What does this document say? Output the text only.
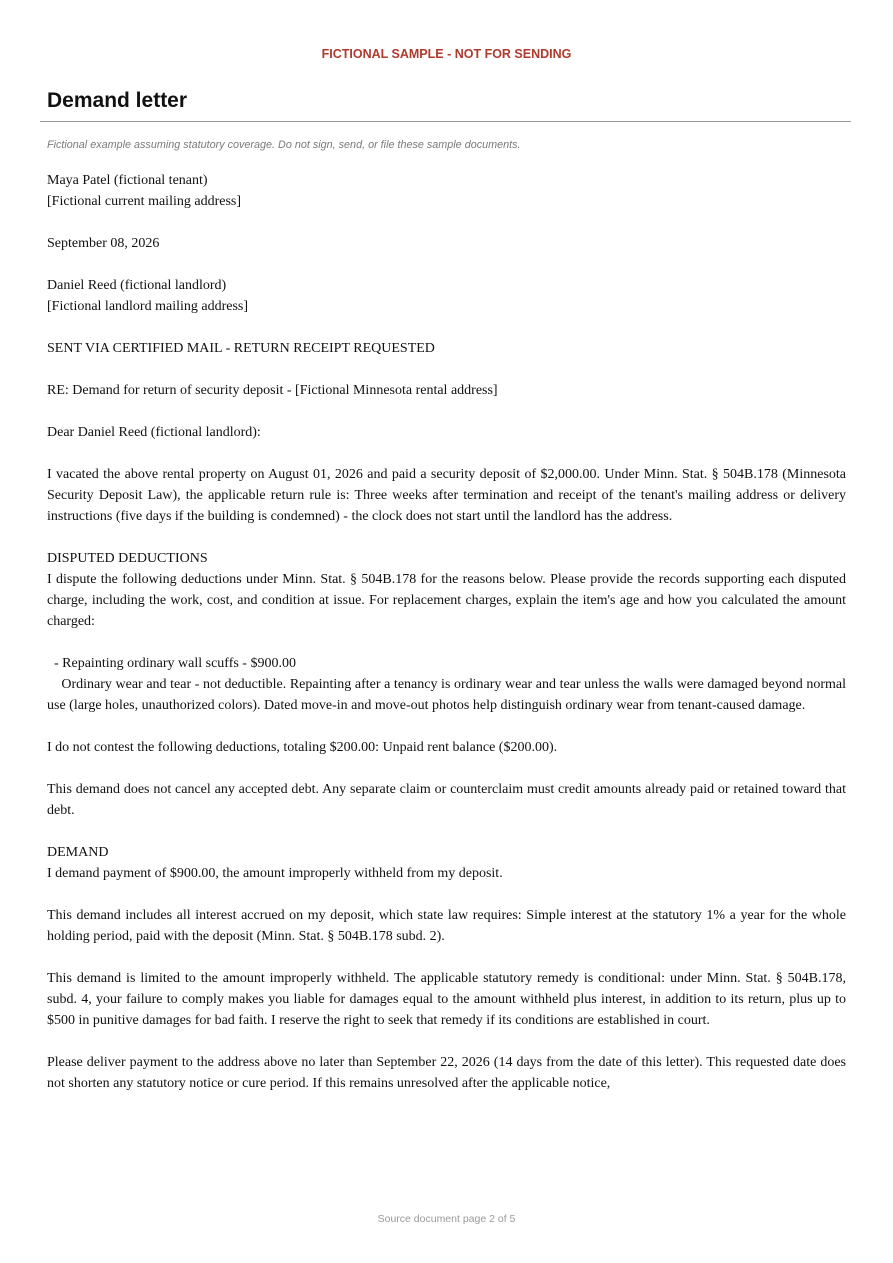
FICTIONAL SAMPLE - NOT FOR SENDING
Demand letter
Fictional example assuming statutory coverage. Do not sign, send, or file these sample documents.

Maya Patel (fictional tenant)
[Fictional current mailing address]

September 08, 2026

Daniel Reed (fictional landlord)
[Fictional landlord mailing address]

SENT VIA CERTIFIED MAIL - RETURN RECEIPT REQUESTED

RE: Demand for return of security deposit - [Fictional Minnesota rental address]

Dear Daniel Reed (fictional landlord):

I vacated the above rental property on August 01, 2026 and paid a security deposit of $2,000.00. Under Minn. Stat. § 504B.178 (Minnesota Security Deposit Law), the applicable return rule is: Three weeks after termination and receipt of the tenant's mailing address or delivery instructions (five days if the building is condemned) - the clock does not start until the landlord has the address.

DISPUTED DEDUCTIONS
I dispute the following deductions under Minn. Stat. § 504B.178 for the reasons below. Please provide the records supporting each disputed charge, including the work, cost, and condition at issue. For replacement charges, explain the item's age and how you calculated the amount charged:

- Repainting ordinary wall scuffs - $900.00
Ordinary wear and tear - not deductible. Repainting after a tenancy is ordinary wear and tear unless the walls were damaged beyond normal use (large holes, unauthorized colors). Dated move-in and move-out photos help distinguish ordinary wear from tenant-caused damage.

I do not contest the following deductions, totaling $200.00: Unpaid rent balance ($200.00).

This demand does not cancel any accepted debt. Any separate claim or counterclaim must credit amounts already paid or retained toward that debt.

DEMAND
I demand payment of $900.00, the amount improperly withheld from my deposit.

This demand includes all interest accrued on my deposit, which state law requires: Simple interest at the statutory 1% a year for the whole holding period, paid with the deposit (Minn. Stat. § 504B.178 subd. 2).

This demand is limited to the amount improperly withheld. The applicable statutory remedy is conditional: under Minn. Stat. § 504B.178, subd. 4, your failure to comply makes you liable for damages equal to the amount withheld plus interest, in addition to its return, plus up to $500 in punitive damages for bad faith. I reserve the right to seek that remedy if its conditions are established in court.

Please deliver payment to the address above no later than September 22, 2026 (14 days from the date of this letter). This requested date does not shorten any statutory notice or cure period. If this remains unresolved after the applicable notice,

Source document page 2 of 5
